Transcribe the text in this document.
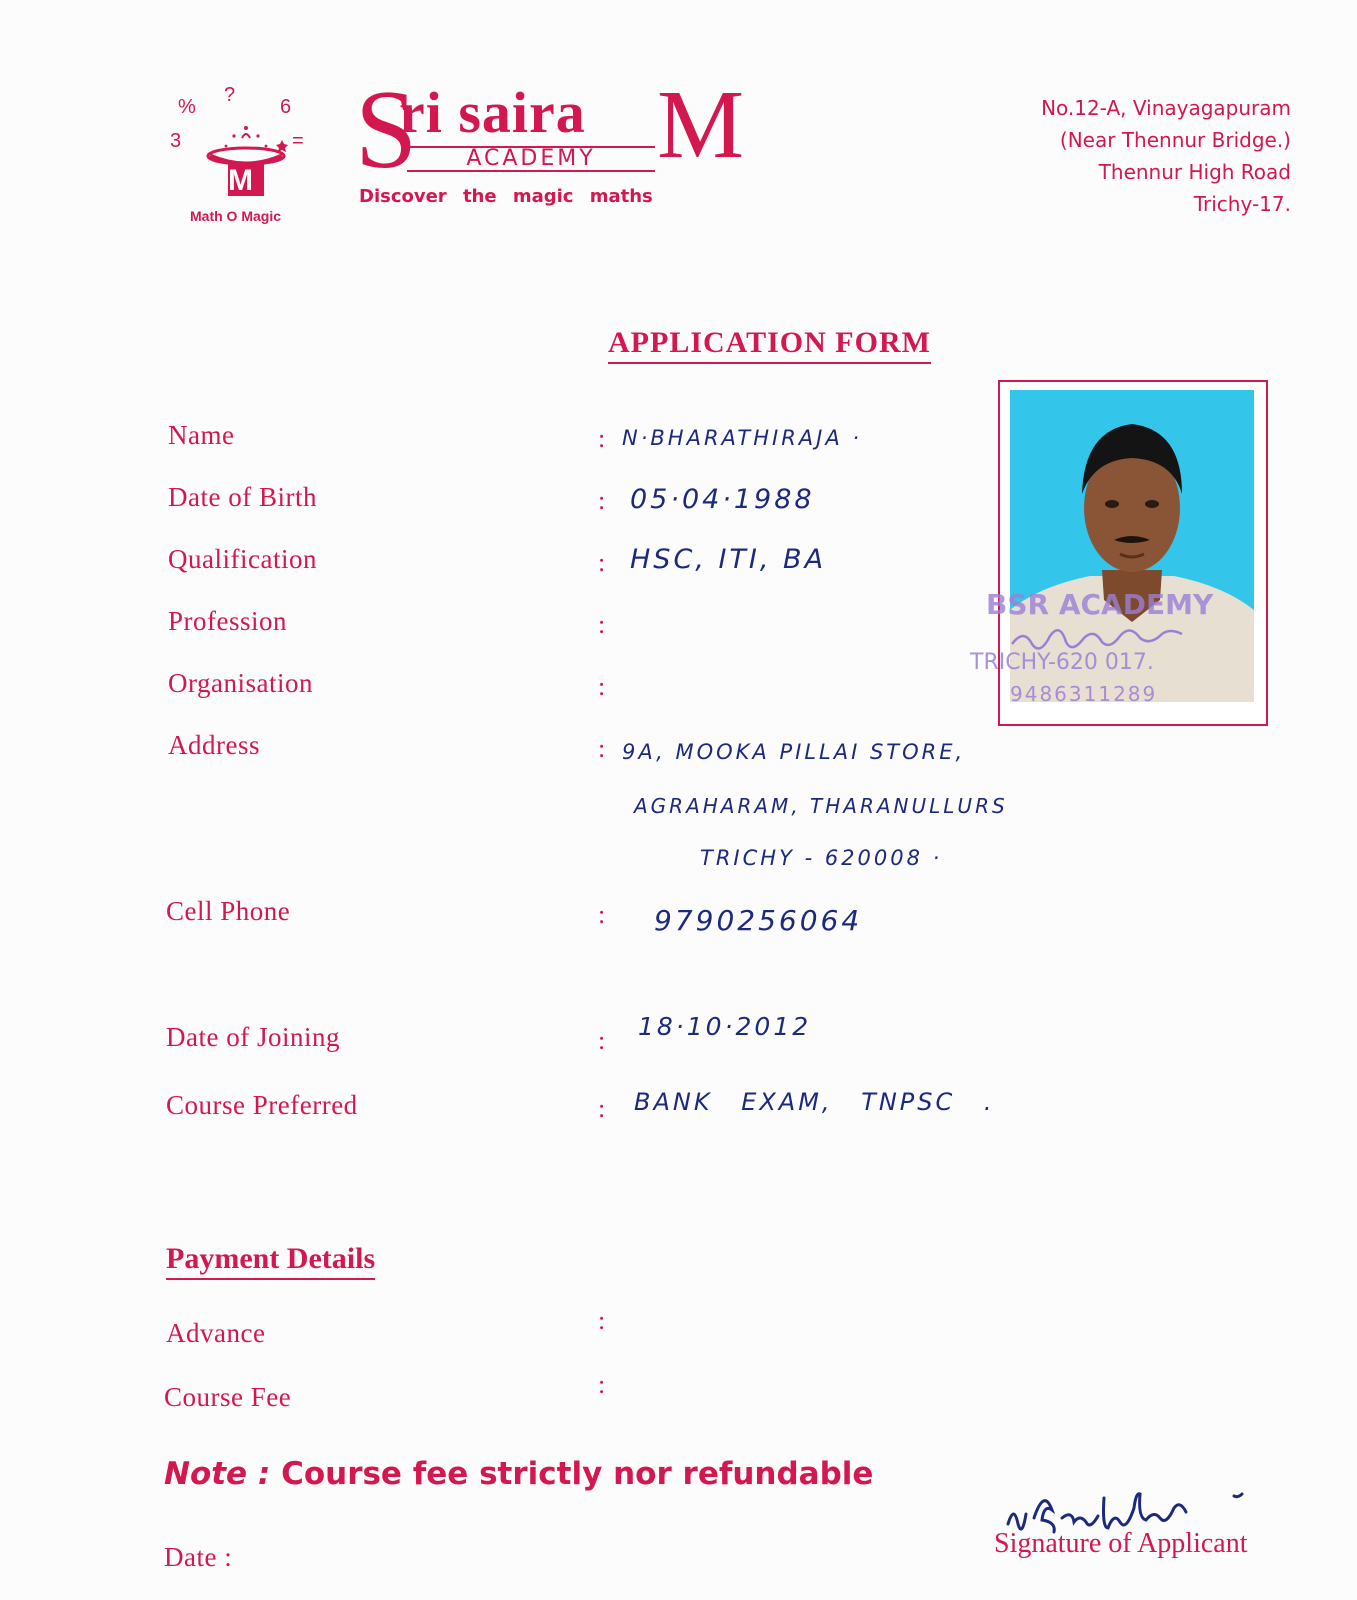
%
?
6
3	=
M
Math O Magic
S
ri saira M
ACADEMY
Discover the magic maths
No.12-A, Vinayagapuram
(Near Thennur Bridge.)
Thennur High Road
Trichy-17.
APPLICATION FORM
BSR ACADEMY
TRICHY-620 017.
9486311289
Name	: N·BHARATHIRAJA ·
Date of Birth	: 05·04·1988
Qualification	: HSC, ITI, BA
Profession	:
Organisation	:
Address	: 9A, MOOKA PILLAI STORE,
AGRAHARAM, THARANULLURS
TRICHY - 620008 ·
Cell Phone	: 9790256064
Date of Joining	: 18·10·2012
Course Preferred	: BANK EXAM, TNPSC .
Payment Details
Advance	:
Course Fee	:
Note : Course fee strictly nor refundable
Date :	Signature of Applicant
